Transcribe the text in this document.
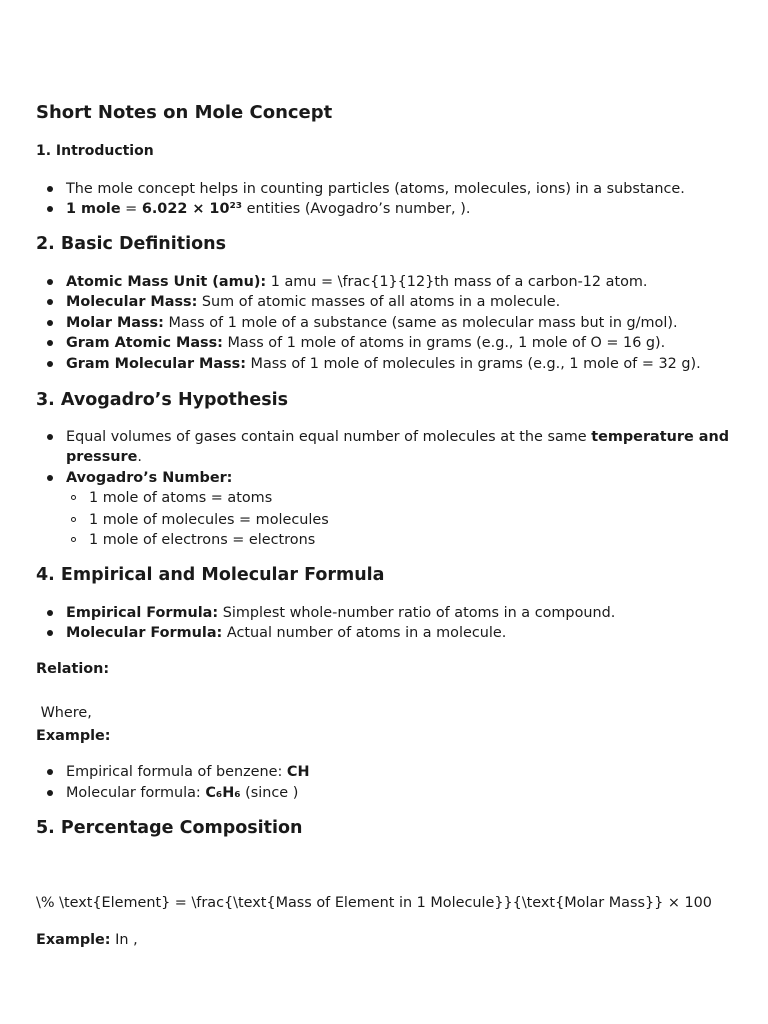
Short Notes on Mole Concept
1. Introduction
The mole concept helps in counting particles (atoms, molecules, ions) in a substance.
1 mole = 6.022 × 10²³ entities (Avogadro’s number, ).
2. Basic Definitions
Atomic Mass Unit (amu): 1 amu = \frac{1}{12}th mass of a carbon-12 atom.
Molecular Mass: Sum of atomic masses of all atoms in a molecule.
Molar Mass: Mass of 1 mole of a substance (same as molecular mass but in g/mol).
Gram Atomic Mass: Mass of 1 mole of atoms in grams (e.g., 1 mole of O = 16 g).
Gram Molecular Mass: Mass of 1 mole of molecules in grams (e.g., 1 mole of = 32 g).
3. Avogadro’s Hypothesis
Equal volumes of gases contain equal number of molecules at the same temperature and pressure.
Avogadro’s Number:
1 mole of atoms = atoms
1 mole of molecules = molecules
1 mole of electrons = electrons
4. Empirical and Molecular Formula
Empirical Formula: Simplest whole-number ratio of atoms in a compound.
Molecular Formula: Actual number of atoms in a molecule.
Relation:
Where,
Example:
Empirical formula of benzene: CH
Molecular formula: C₆H₆ (since )
5. Percentage Composition
\% \text{Element} = \frac{\text{Mass of Element in 1 Molecule}}{\text{Molar Mass}} × 100
Example: In ,
